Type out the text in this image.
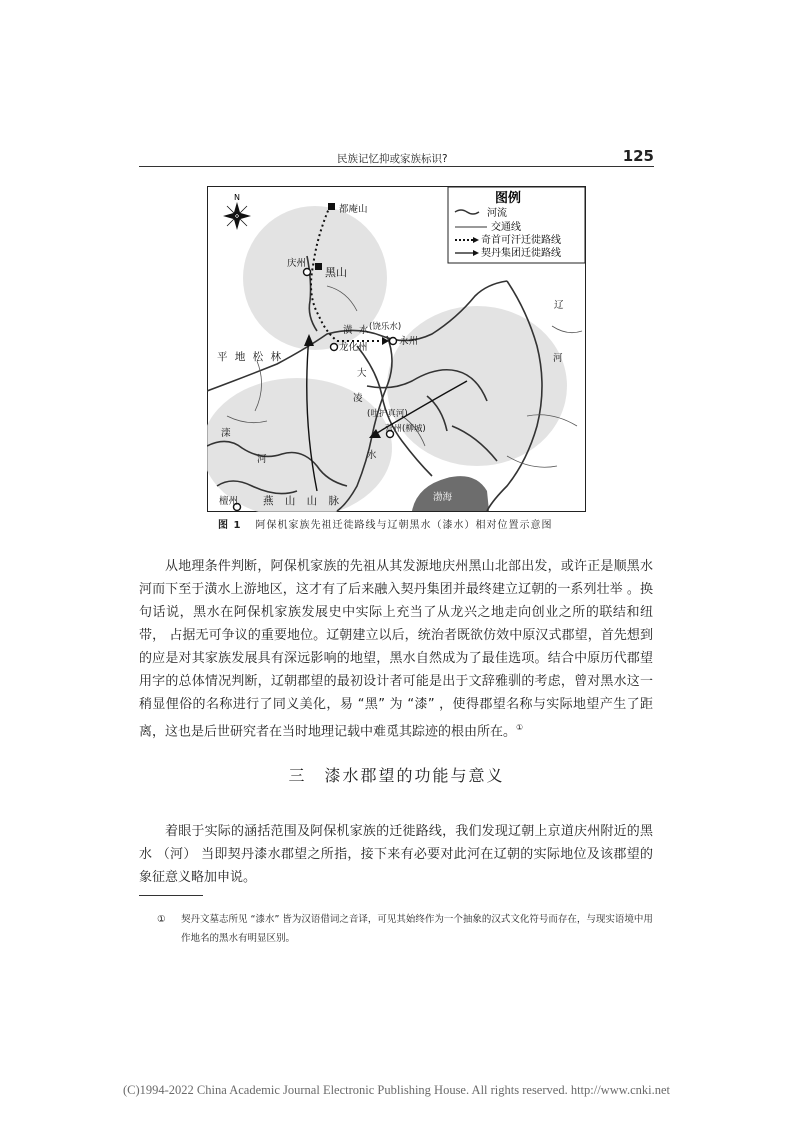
民族记忆抑或家族标识?	125
N	图例
河流
交通线
奇首可汗迁徙路线
契丹集团迁徙路线
都庵山
庆州
黑山
潢 水 (饶乐水)
永州
龙化州
平 地 松 林
辽
河
大
凌
(吐护真河)
营州(柳城)
滦
河	水
檀州 燕 山 山 脉	渤海
图 1 阿保机家族先祖迁徙路线与辽朝黑水（漆水）相对位置示意图
从地理条件判断，阿保机家族的先祖从其发源地庆州黑山北部出发，或许正是顺黑水河而下至于潢水上游地区，这才有了后来融入契丹集团并最终建立辽朝的一系列壮举 。换句话说，黑水在阿保机家族发展史中实际上充当了从龙兴之地走向创业之所的联结和纽带， 占据无可争议的重要地位。辽朝建立以后，统治者既欲仿效中原汉式郡望，首先想到的应是对其家族发展具有深远影响的地望，黑水自然成为了最佳选项。结合中原历代郡望用字的总体情况判断，辽朝郡望的最初设计者可能是出于文辞雅驯的考虑，曾对黑水这一稍显俚俗的名称进行了同义美化，易 “黑” 为 “漆” ，使得郡望名称与实际地望产生了距离，这也是后世研究者在当时地理记载中难觅其踪迹的根由所在。①
三　漆水郡望的功能与意义
着眼于实际的涵括范围及阿保机家族的迁徙路线，我们发现辽朝上京道庆州附近的黑水 （河） 当即契丹漆水郡望之所指，接下来有必要对此河在辽朝的实际地位及该郡望的象征意义略加申说。
① 契丹文墓志所见 “漆水” 皆为汉语借词之音译，可见其始终作为一个抽象的汉式文化符号而存在，与现实语境中用作地名的黑水有明显区别。
(C)1994-2022 China Academic Journal Electronic Publishing House. All rights reserved. http://www.cnki.net
